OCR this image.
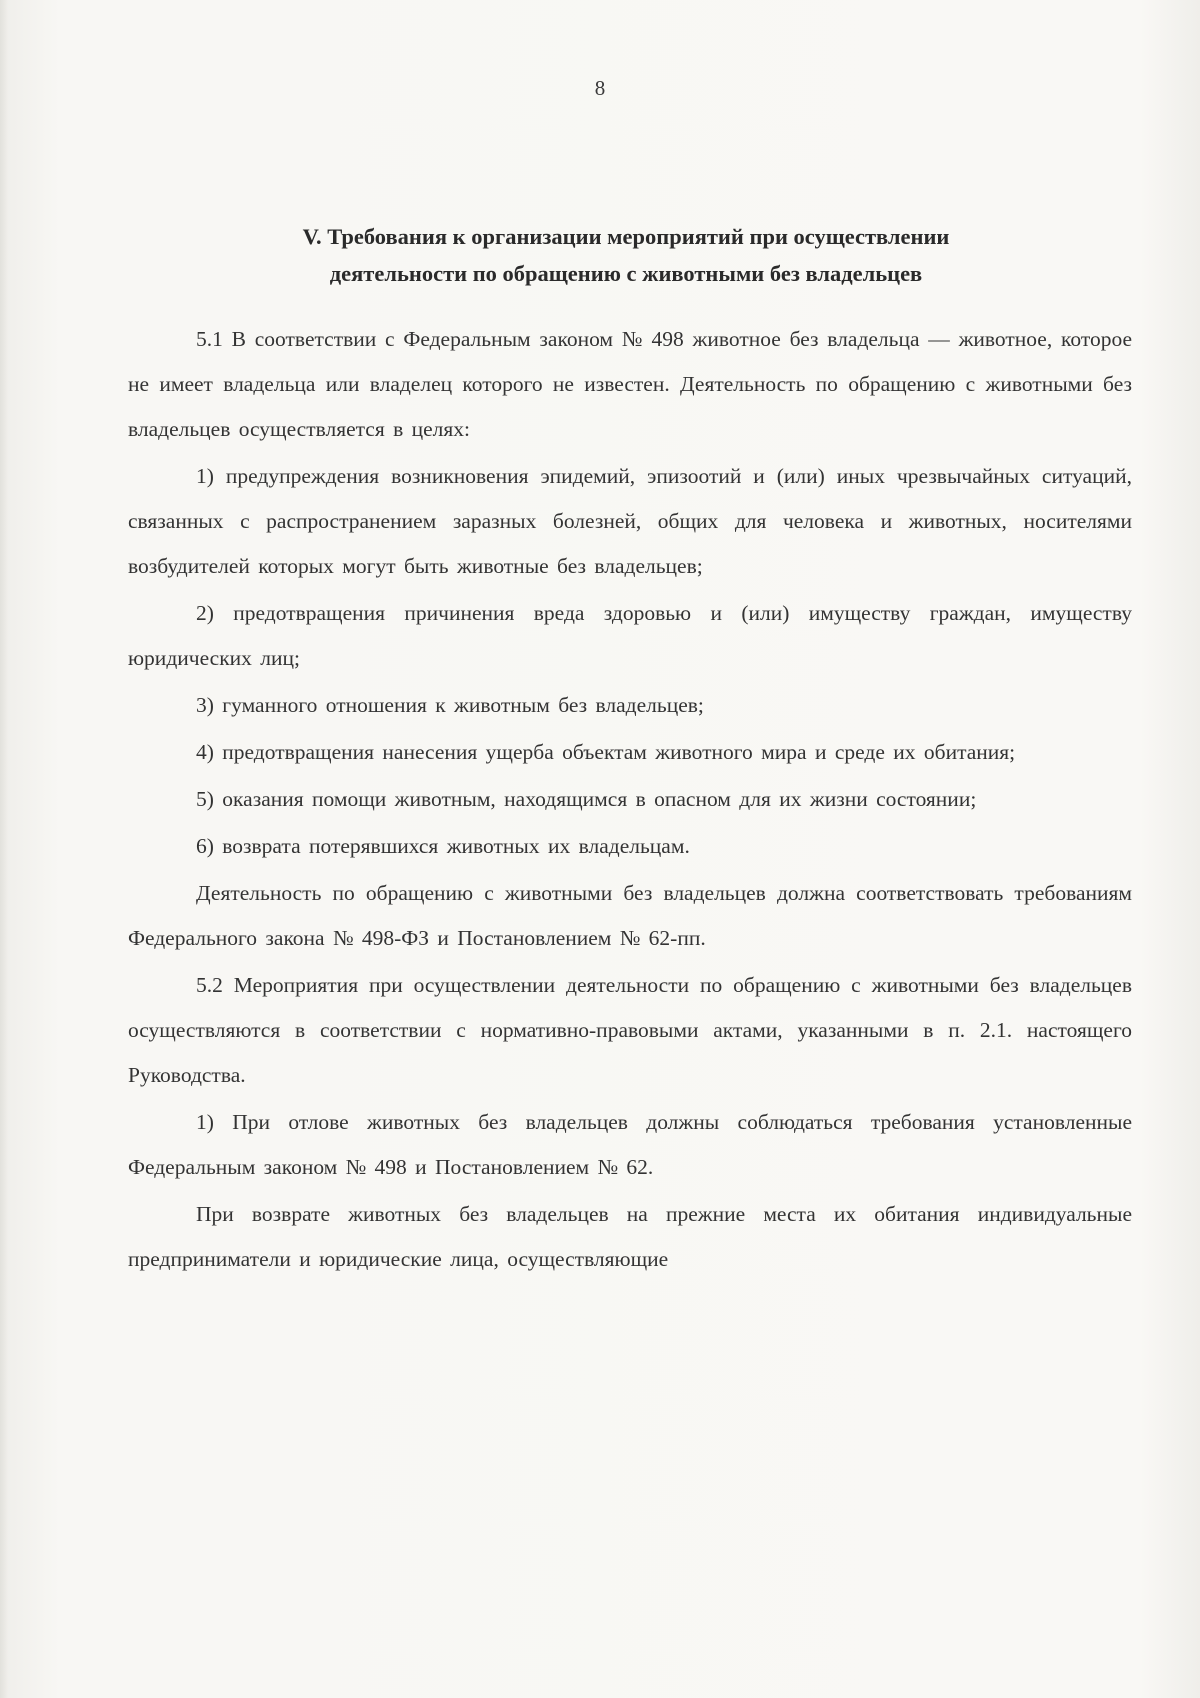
8
V. Требования к организации мероприятий при осуществлении
деятельности по обращению с животными без владельцев

5.1 В соответствии с Федеральным законом № 498 животное без владельца — животное, которое не имеет владельца или владелец которого не известен. Деятельность по обращению с животными без владельцев осуществляется в целях:

1) предупреждения возникновения эпидемий, эпизоотий и (или) иных чрезвычайных ситуаций, связанных с распространением заразных болезней, общих для человека и животных, носителями возбудителей которых могут быть животные без владельцев;

2) предотвращения причинения вреда здоровью и (или) имуществу граждан, имуществу юридических лиц;

3) гуманного отношения к животным без владельцев;

4) предотвращения нанесения ущерба объектам животного мира и среде их обитания;

5) оказания помощи животным, находящимся в опасном для их жизни состоянии;

6) возврата потерявшихся животных их владельцам.

Деятельность по обращению с животными без владельцев должна соответствовать требованиям Федерального закона № 498-ФЗ и Постановлением № 62-пп.

5.2 Мероприятия при осуществлении деятельности по обращению с животными без владельцев осуществляются в соответствии с нормативно-правовыми актами, указанными в п. 2.1. настоящего Руководства.

1) При отлове животных без владельцев должны соблюдаться требования установленные Федеральным законом № 498 и Постановлением № 62.

При возврате животных без владельцев на прежние места их обитания индивидуальные предприниматели и юридические лица, осуществляющие
